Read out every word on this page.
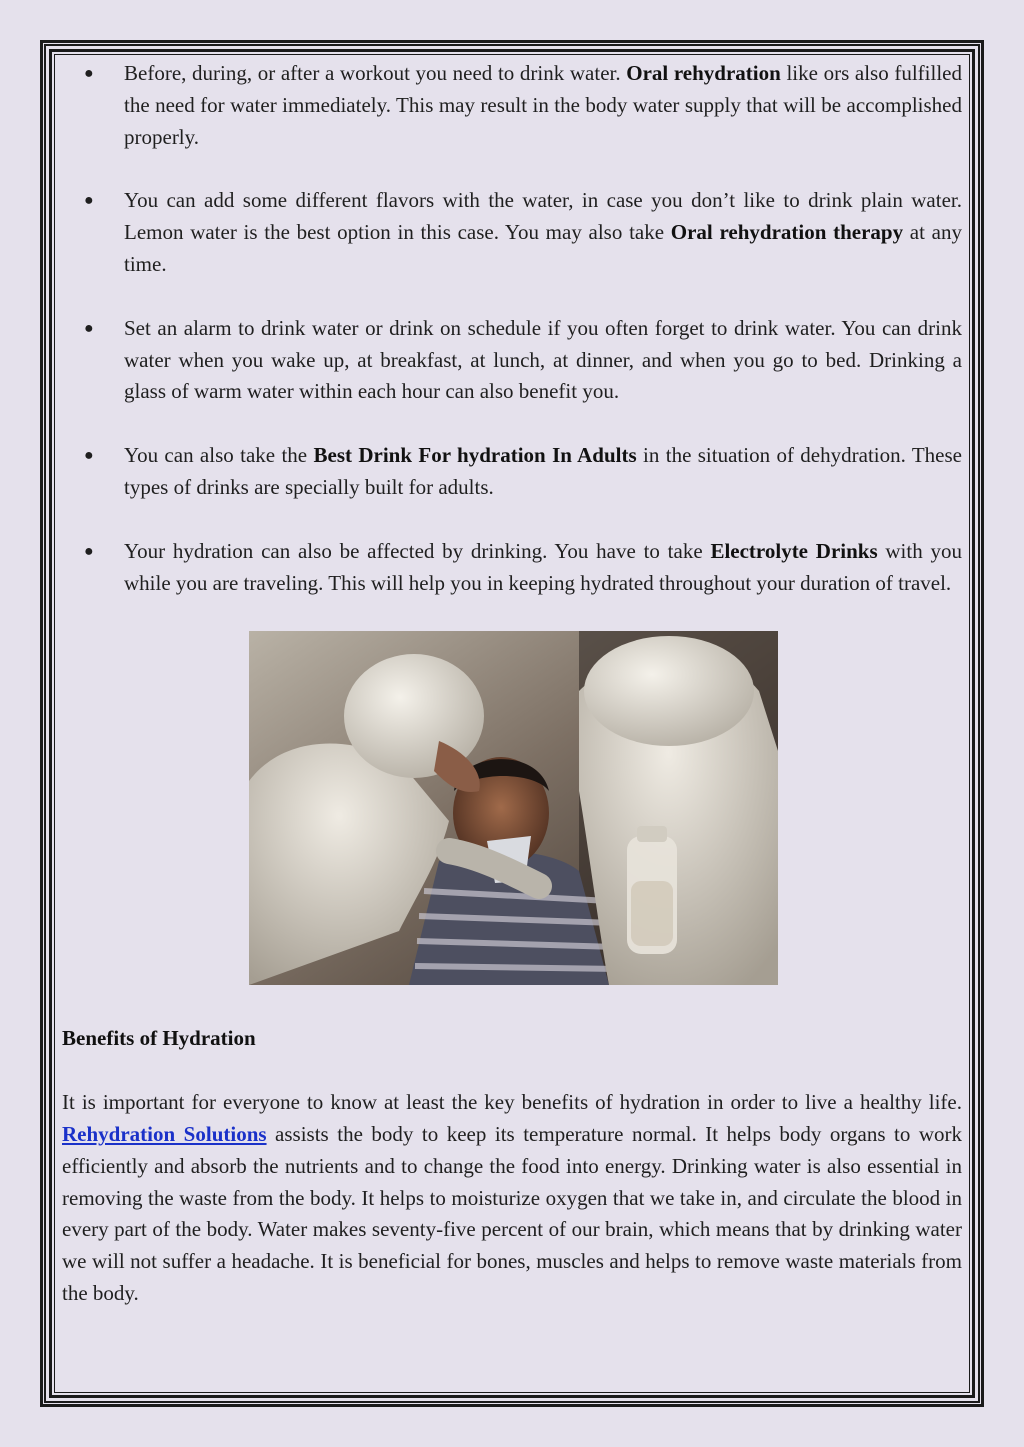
● Before, during, or after a workout you need to drink water. Oral rehydration like ors also fulfilled the need for water immediately. This may result in the body water supply that will be accomplished properly.
● You can add some different flavors with the water, in case you don’t like to drink plain water. Lemon water is the best option in this case. You may also take Oral rehydration therapy at any time.
● Set an alarm to drink water or drink on schedule if you often forget to drink water. You can drink water when you wake up, at breakfast, at lunch, at dinner, and when you go to bed. Drinking a glass of warm water within each hour can also benefit you.
● You can also take the Best Drink For hydration In Adults in the situation of dehydration. These types of drinks are specially built for adults.
● Your hydration can also be affected by drinking. You have to take Electrolyte Drinks with you while you are traveling. This will help you in keeping hydrated throughout your duration of travel.
Benefits of Hydration

It is important for everyone to know at least the key benefits of hydration in order to live a healthy life. Rehydration Solutions assists the body to keep its temperature normal. It helps body organs to work efficiently and absorb the nutrients and to change the food into energy. Drinking water is also essential in removing the waste from the body. It helps to moisturize oxygen that we take in, and circulate the blood in every part of the body. Water makes seventy-five percent of our brain, which means that by drinking water we will not suffer a headache. It is beneficial for bones, muscles and helps to remove waste materials from the body.
